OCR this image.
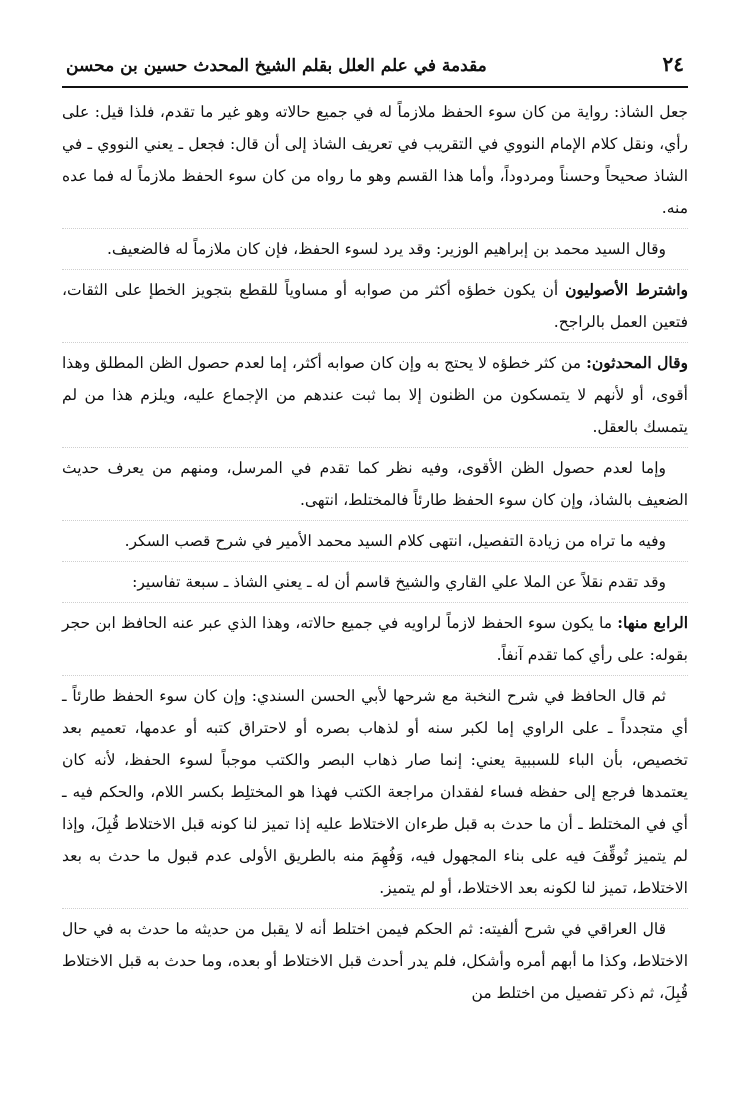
٢٤
مقدمة في علم العلل بقلم الشيخ المحدث حسين بن محسن

جعل الشاذ: رواية من كان سوء الحفظ ملازماً له في جميع حالاته وهو غير ما تقدم، فلذا قيل: على رأي، ونقل كلام الإمام النووي في التقريب في تعريف الشاذ إلى أن قال: فجعل ـ يعني النووي ـ في الشاذ صحيحاً وحسناً ومردوداً، وأما هذا القسم وهو ما رواه من كان سوء الحفظ ملازماً له فما عده منه.

وقال السيد محمد بن إبراهيم الوزير: وقد يرد لسوء الحفظ، فإن كان ملازماً له فالضعيف.

واشترط الأصوليون أن يكون خطؤه أكثر من صوابه أو مساوياً للقطع بتجويز الخطإ على الثقات، فتعين العمل بالراجح.

وقال المحدثون: من كثر خطؤه لا يحتج به وإن كان صوابه أكثر، إما لعدم حصول الظن المطلق وهذا أقوى، أو لأنهم لا يتمسكون من الظنون إلا بما ثبت عندهم من الإجماع عليه، ويلزم هذا من لم يتمسك بالعقل.

وإما لعدم حصول الظن الأقوى، وفيه نظر كما تقدم في المرسل، ومنهم من يعرف حديث الضعيف بالشاذ، وإن كان سوء الحفظ طارئاً فالمختلط، انتهى.

وفيه ما تراه من زيادة التفصيل، انتهى كلام السيد محمد الأمير في شرح قصب السكر.

وقد تقدم نقلاً عن الملا علي القاري والشيخ قاسم أن له ـ يعني الشاذ ـ سبعة تفاسير:

الرابع منها: ما يكون سوء الحفظ لازماً لراويه في جميع حالاته، وهذا الذي عبر عنه الحافظ ابن حجر بقوله: على رأي كما تقدم آنفاً.

ثم قال الحافظ في شرح النخبة مع شرحها لأبي الحسن السندي: وإن كان سوء الحفظ طارئاً ـ أي متجدداً ـ على الراوي إما لكبر سنه أو لذهاب بصره أو لاحتراق كتبه أو عدمها، تعميم بعد تخصيص، بأن الباء للسببية يعني: إنما صار ذهاب البصر والكتب موجباً لسوء الحفظ، لأنه كان يعتمدها فرجع إلى حفظه فساء لفقدان مراجعة الكتب فهذا هو المختلِط بكسر اللام، والحكم فيه ـ أي في المختلط ـ أن ما حدث به قبل طرءان الاختلاط عليه إذا تميز لنا كونه قبل الاختلاط قُبِلَ، وإذا لم يتميز تُوقِّفَ فيه على بناء المجهول فيه، وَفُهِمَ منه بالطريق الأولى عدم قبول ما حدث به بعد الاختلاط، تميز لنا لكونه بعد الاختلاط، أو لم يتميز.

قال العراقي في شرح ألفيته: ثم الحكم فيمن اختلط أنه لا يقبل من حديثه ما حدث به في حال الاختلاط، وكذا ما أبهم أمره وأشكل، فلم يدر أحدث قبل الاختلاط أو بعده، وما حدث به قبل الاختلاط قُبِلَ، ثم ذكر تفصيل من اختلط من
